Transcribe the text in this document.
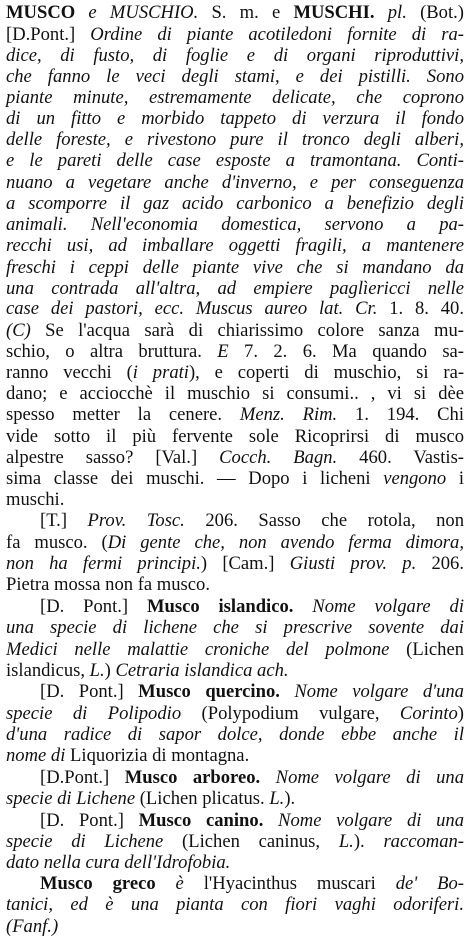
MUSCO e MUSCHIO. S. m. e MUSCHI. pl. (Bot.)
[D.Pont.] Ordine di piante acotiledoni fornite di ra-
dice, di fusto, di foglie e di organi riproduttivi,
che fanno le veci degli stami, e dei pistilli. Sono
piante minute, estremamente delicate, che coprono
di un fitto e morbido tappeto di verzura il fondo
delle foreste, e rivestono pure il tronco degli alberi,
e le pareti delle case esposte a tramontana. Conti-
nuano a vegetare anche d'inverno, e per conseguenza
a scomporre il gaz acido carbonico a benefizio degli
animali. Nell'economia domestica, servono a pa-
recchi usi, ad imballare oggetti fragili, a mantenere
freschi i ceppi delle piante vive che si mandano da
una contrada all'altra, ad empiere paglìericci nelle
case dei pastori, ecc. Muscus aureo lat. Cr. 1. 8. 40.
(C) Se l'acqua sarà di chiarissimo colore sanza mu-
schio, o altra bruttura. E 7. 2. 6. Ma quando sa-
ranno vecchi (i prati), e coperti di muschio, si ra-
dano; e acciocchè il muschio si consumi.. , vi si dèe
spesso metter la cenere. Menz. Rim. 1. 194. Chi
vide sotto il più fervente sole Ricoprirsi di musco
alpestre sasso? [Val.] Cocch. Bagn. 460. Vastis-
sima classe dei muschi. — Dopo i licheni vengono i
muschi.
[T.] Prov. Tosc. 206. Sasso che rotola, non
fa musco. (Di gente che, non avendo ferma dimora,
non ha fermi principi.) [Cam.] Giusti prov. p. 206.
Pietra mossa non fa musco.
[D. Pont.] Musco islandico. Nome volgare di
una specie di lichene che si prescrive sovente dai
Medici nelle malattie croniche del polmone (Lichen
islandicus, L.) Cetraria islandica ach.
[D. Pont.] Musco quercino. Nome volgare d'una
specie di Polipodio (Polypodium vulgare, Corinto)
d'una radice di sapor dolce, donde ebbe anche il
nome di Liquorizia di montagna.
[D.Pont.] Musco arboreo. Nome volgare di una
specie di Lichene (Lichen plicatus. L.).
[D. Pont.] Musco canino. Nome volgare di una
specie di Lichene (Lichen caninus, L.). raccoman-
dato nella cura dell'Idrofobia.
Musco greco è l'Hyacinthus muscari de' Bo-
tanici, ed è una pianta con fiori vaghi odoriferi.
(Fanf.)
